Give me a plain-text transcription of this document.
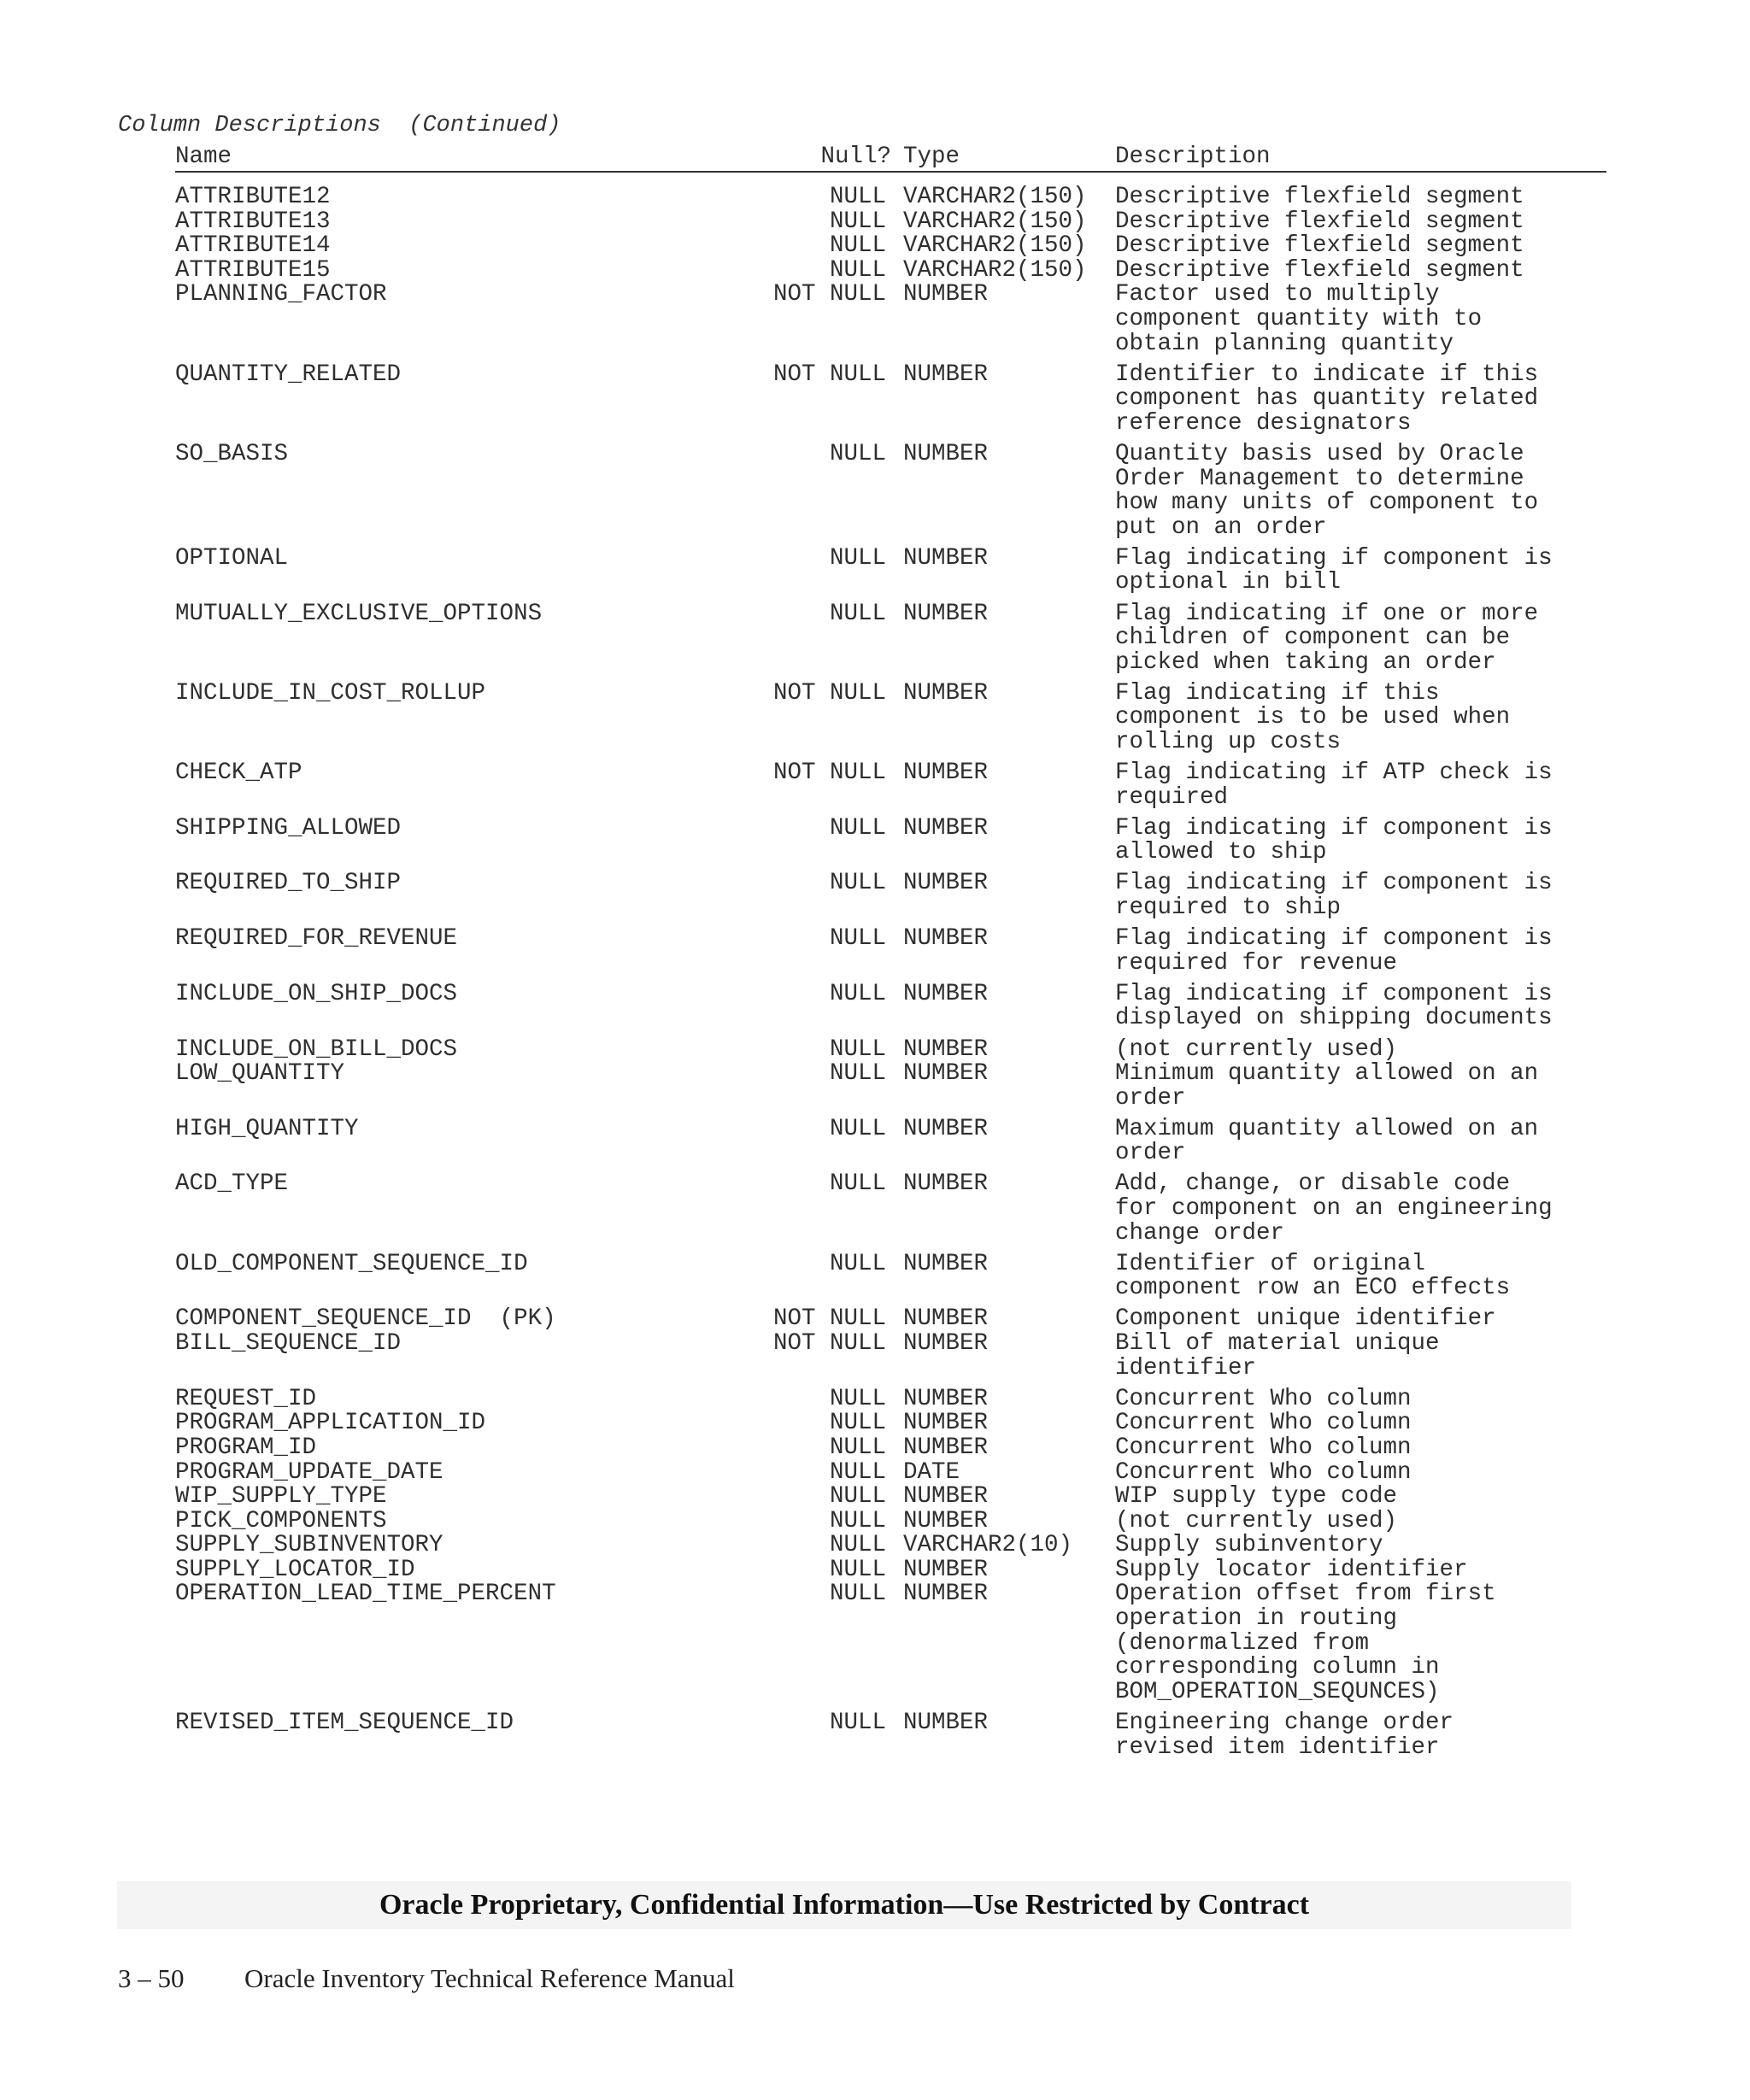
Column Descriptions  (Continued)
Name	Null? Type	Description
ATTRIBUTE12	NULL VARCHAR2(150) Descriptive flexfield segment
ATTRIBUTE13	NULL VARCHAR2(150) Descriptive flexfield segment
ATTRIBUTE14	NULL VARCHAR2(150) Descriptive flexfield segment
ATTRIBUTE15	NULL VARCHAR2(150) Descriptive flexfield segment
PLANNING_FACTOR	NOT NULL NUMBER	Factor used to multiply
component quantity with to
obtain planning quantity
QUANTITY_RELATED	NOT NULL NUMBER	Identifier to indicate if this
component has quantity related
reference designators
SO_BASIS	NULL NUMBER	Quantity basis used by Oracle
Order Management to determine
how many units of component to
put on an order
OPTIONAL	NULL NUMBER	Flag indicating if component is
optional in bill
MUTUALLY_EXCLUSIVE_OPTIONS	NULL NUMBER	Flag indicating if one or more
children of component can be
picked when taking an order
INCLUDE_IN_COST_ROLLUP	NOT NULL NUMBER	Flag indicating if this
component is to be used when
rolling up costs
CHECK_ATP	NOT NULL NUMBER	Flag indicating if ATP check is
required
SHIPPING_ALLOWED	NULL NUMBER	Flag indicating if component is
allowed to ship
REQUIRED_TO_SHIP	NULL NUMBER	Flag indicating if component is
required to ship
REQUIRED_FOR_REVENUE	NULL NUMBER	Flag indicating if component is
required for revenue
INCLUDE_ON_SHIP_DOCS	NULL NUMBER	Flag indicating if component is
displayed on shipping documents
INCLUDE_ON_BILL_DOCS	NULL NUMBER	(not currently used)
LOW_QUANTITY	NULL NUMBER	Minimum quantity allowed on an
order
HIGH_QUANTITY	NULL NUMBER	Maximum quantity allowed on an
order
ACD_TYPE	NULL NUMBER	Add, change, or disable code
for component on an engineering
change order
OLD_COMPONENT_SEQUENCE_ID	NULL NUMBER	Identifier of original
component row an ECO effects
COMPONENT_SEQUENCE_ID  (PK)	NOT NULL NUMBER	Component unique identifier
BILL_SEQUENCE_ID	NOT NULL NUMBER	Bill of material unique
identifier
REQUEST_ID	NULL NUMBER	Concurrent Who column
PROGRAM_APPLICATION_ID	NULL NUMBER	Concurrent Who column
PROGRAM_ID	NULL NUMBER	Concurrent Who column
PROGRAM_UPDATE_DATE	NULL DATE	Concurrent Who column
WIP_SUPPLY_TYPE	NULL NUMBER	WIP supply type code
PICK_COMPONENTS	NULL NUMBER	(not currently used)
SUPPLY_SUBINVENTORY	NULL VARCHAR2(10) Supply subinventory
SUPPLY_LOCATOR_ID	NULL NUMBER	Supply locator identifier
OPERATION_LEAD_TIME_PERCENT	NULL NUMBER	Operation offset from first
operation in routing
(denormalized from
corresponding column in
BOM_OPERATION_SEQUNCES)
REVISED_ITEM_SEQUENCE_ID	NULL NUMBER	Engineering change order
revised item identifier
Oracle Proprietary, Confidential Information––Use Restricted by Contract
3 – 50 Oracle Inventory Technical Reference Manual
